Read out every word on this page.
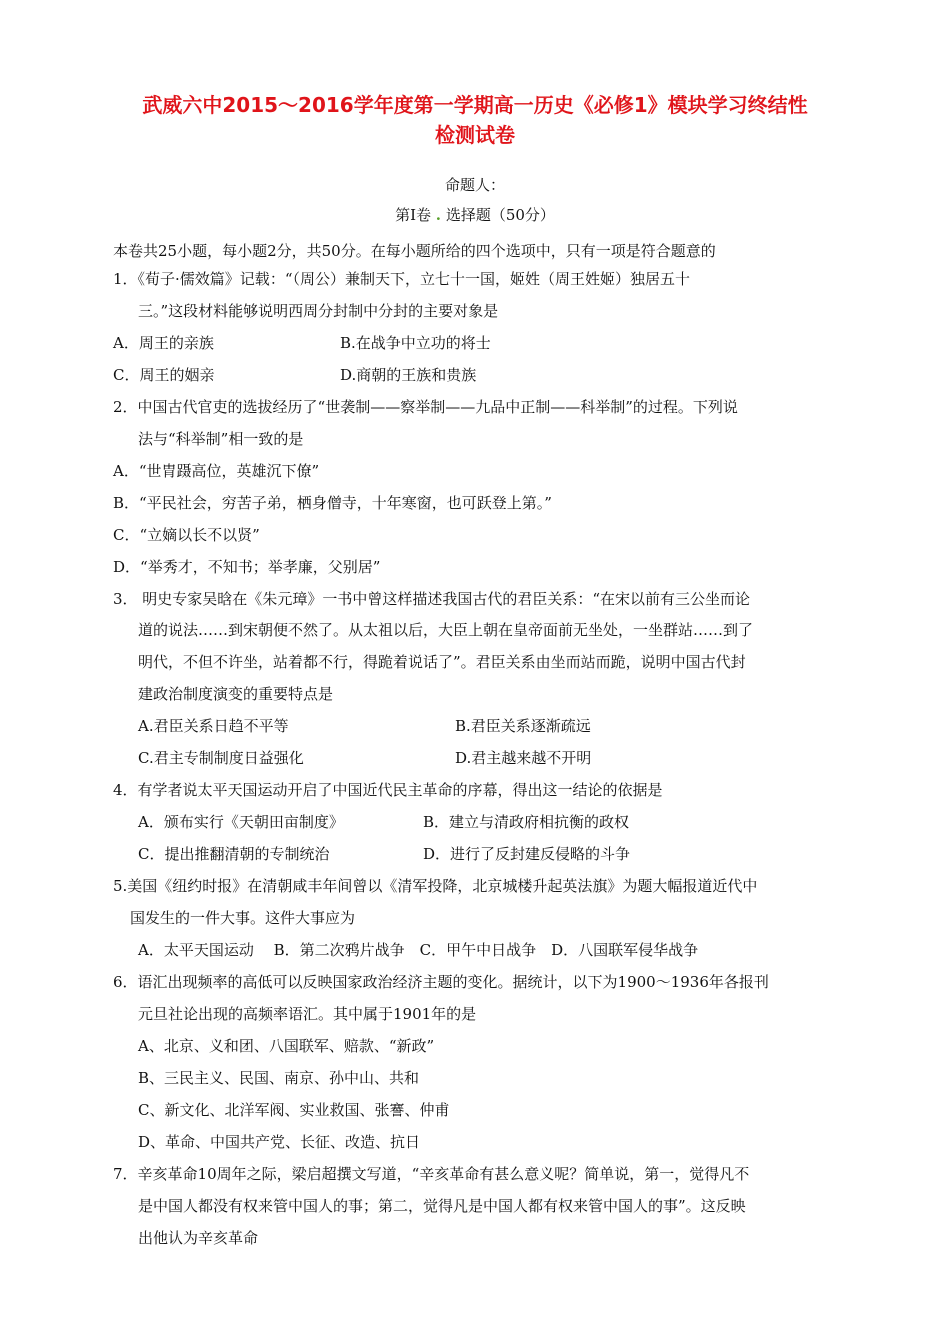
武威六中2015～2016学年度第一学期高一历史《必修1》模块学习终结性
检测试卷
命题人：
第Ⅰ卷 . 选择题（50分）
本卷共25小题，每小题2分，共50分。在每小题所给的四个选项中，只有一项是符合题意的
1．《荀子·儒效篇》记载：“（周公）兼制天下，立七十一国，姬姓（周王姓姬）独居五十
三。”这段材料能够说明西周分封制中分封的主要对象是
A．周王的亲族	B.在战争中立功的将士
C．周王的姻亲	D.商朝的王族和贵族
2．中国古代官吏的选拔经历了“世袭制——察举制——九品中正制——科举制”的过程。下列说
法与“科举制”相一致的是
A．“世胄蹑高位，英雄沉下僚”
B．“平民社会，穷苦子弟，栖身僧寺，十年寒窗，也可跃登上第。”
C．“立嫡以长不以贤”
D．“举秀才，不知书；举孝廉，父别居”
3． 明史专家吴晗在《朱元璋》一书中曾这样描述我国古代的君臣关系：“在宋以前有三公坐而论
道的说法……到宋朝便不然了。从太祖以后，大臣上朝在皇帝面前无坐处，一坐群站……到了
明代，不但不许坐，站着都不行，得跪着说话了”。君臣关系由坐而站而跪，说明中国古代封
建政治制度演变的重要特点是
A.君臣关系日趋不平等	B.君臣关系逐渐疏远
C.君主专制制度日益强化	D.君主越来越不开明
4．有学者说太平天国运动开启了中国近代民主革命的序幕，得出这一结论的依据是
A．颁布实行《天朝田亩制度》	B．建立与清政府相抗衡的政权
C．提出推翻清朝的专制统治	D．进行了反封建反侵略的斗争
5.美国《纽约时报》在清朝咸丰年间曾以《清军投降，北京城楼升起英法旗》为题大幅报道近代中
国发生的一件大事。这件大事应为
A．太平天国运动　 B．第二次鸦片战争　C．甲午中日战争　D．八国联军侵华战争
6．语汇出现频率的高低可以反映国家政治经济主题的变化。据统计，以下为1900～1936年各报刊
元旦社论出现的高频率语汇。其中属于1901年的是
A、北京、义和团、八国联军、赔款、“新政”
B、三民主义、民国、南京、孙中山、共和
C、新文化、北洋军阀、实业救国、张謇、仲甫
D、革命、中国共产党、长征、改造、抗日
7．辛亥革命10周年之际，梁启超撰文写道，“辛亥革命有甚么意义呢？简单说，第一，觉得凡不
是中国人都没有权来管中国人的事；第二，觉得凡是中国人都有权来管中国人的事”。这反映
出他认为辛亥革命
